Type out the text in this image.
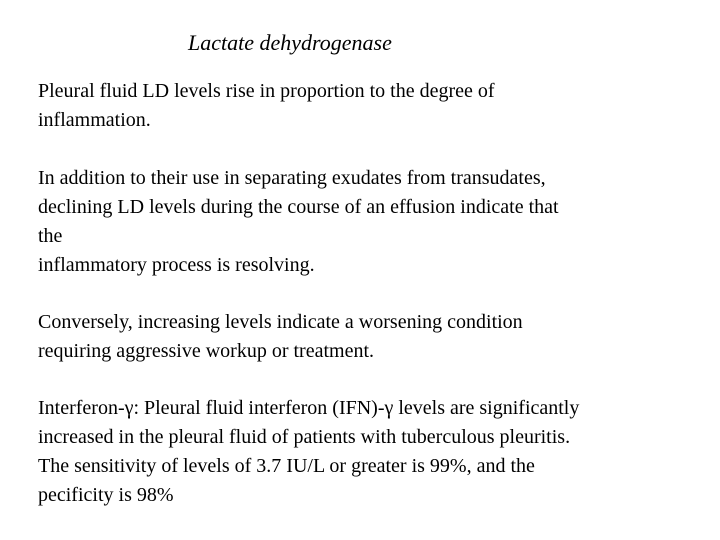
Lactate dehydrogenase
Pleural fluid LD levels rise in proportion to the degree of
inflammation.
In addition to their use in separating exudates from transudates,
declining LD levels during the course of an effusion indicate that
the
inflammatory process is resolving.
Conversely, increasing levels indicate a worsening condition
requiring aggressive workup or treatment.
Interferon-γ: Pleural fluid interferon (IFN)-γ levels are significantly
increased in the pleural fluid of patients with tuberculous pleuritis.
The sensitivity of levels of 3.7 IU/L or greater is 99%, and the
pecificity is 98%
